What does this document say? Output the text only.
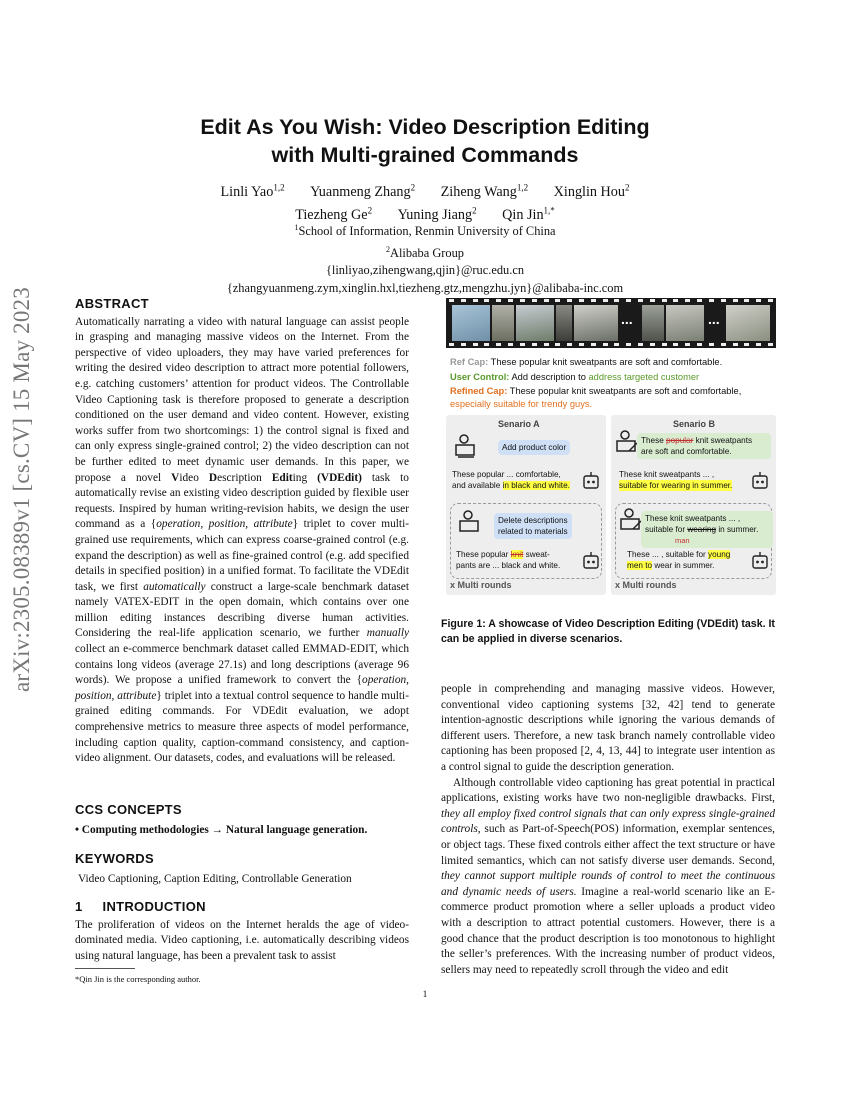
arXiv:2305.08389v1 [cs.CV] 15 May 2023
Edit As You Wish: Video Description Editing
with Multi-grained Commands
Linli Yao$^{1,2}$ Yuanmeng Zhang$^2$ Ziheng Wang$^{1,2}$ Xinglin Hou$^2$
Tiezheng Ge$^2$ Yuning Jiang$^2$ Qin Jin$^{1,*}$
$^1$School of Information, Renmin University of China
$^2$Alibaba Group
{linliyao,zihengwang,qjin}@ruc.edu.cn
{zhangyuanmeng.zym,xinglin.hxl,tiezheng.gtz,mengzhu.jyn}@alibaba-inc.com
ABSTRACT

Automatically narrating a video with natural language can assist people in grasping and managing massive videos on the Internet. From the perspective of video uploaders, they may have varied preferences for writing the desired video description to attract more potential followers, e.g. catching customers’ attention for product videos. The Controllable Video Captioning task is therefore proposed to generate a description conditioned on the user demand and video content. However, existing works suffer from two shortcomings: 1) the control signal is fixed and can only express single-grained control; 2) the video description can not be further edited to meet dynamic user demands. In this paper, we propose a novel Video Description Editing (VDEdit) task to automatically revise an existing video description guided by flexible user requests. Inspired by human writing-revision habits, we design the user command as a {operation, position, attribute} triplet to cover multi-grained use requirements, which can express coarse-grained control (e.g. expand the description) as well as fine-grained control (e.g. add specified details in specified position) in a unified format. To facilitate the VDEdit task, we first automatically construct a large-scale benchmark dataset namely VATEX-EDIT in the open domain, which contains over one million editing instances describing diverse human activities. Considering the real-life application scenario, we further manually collect an e-commerce benchmark dataset called EMMAD-EDIT, which contains long videos (average 27.1s) and long descriptions (average 96 words). We propose a unified framework to convert the {operation, position, attribute} triplet into a textual control sequence to handle multi-grained editing commands. For VDEdit evaluation, we adopt comprehensive metrics to measure three aspects of model performance, including caption quality, caption-command consistency, and caption-video alignment. Our datasets, codes, and evaluations will be released.

CCS CONCEPTS

• Computing methodologies → Natural language generation.

KEYWORDS

Video Captioning, Caption Editing, Controllable Generation

1 INTRODUCTION

The proliferation of videos on the Internet heralds the age of video-dominated media. Video captioning, i.e. automatically describing videos using natural language, has been a prevalent task to assist

*Qin Jin is the corresponding author.
1
...	...
Ref Cap: These popular knit sweatpants are soft and comfortable.
User Control: Add description to address targeted customer
Refined Cap: These popular knit sweatpants are soft and comfortable,
especially suitable for trendy guys.
Senario A
Add product color
These popular ... comfortable,
and available in black and white.
Delete descriptions
related to materials
These popular knit sweat-
pants are ... black and white.
x Multi rounds
Senario B
These popular knit sweatpants
are soft and comfortable.
These knit sweatpants ... ,
suitable for wearing in summer.
These knit sweatpants ... ,
suitable for wearing in summer.
man
These ... , suitable for young
men to wear in summer.
x Multi rounds
Figure 1: A showcase of Video Description Editing (VDEdit) task. It can be applied in diverse scenarios.

people in comprehending and managing massive videos. However, conventional video captioning systems [32, 42] tend to generate intention-agnostic descriptions while ignoring the various demands of different users. Therefore, a new task branch namely controllable video captioning has been proposed [2, 4, 13, 44] to integrate user intention as a control signal to guide the description generation.

Although controllable video captioning has great potential in practical applications, existing works have two non-negligible drawbacks. First, they all employ fixed control signals that can only express single-grained controls, such as Part-of-Speech(POS) information, exemplar sentences, or object tags. These fixed controls either affect the text structure or have limited semantics, which can not satisfy diverse user demands. Second, they cannot support multiple rounds of control to meet the continuous and dynamic needs of users. Imagine a real-world scenario like an E-commerce product promotion where a seller uploads a product video with a description to attract potential customers. However, there is a good chance that the product description is too monotonous to highlight the seller’s preferences. With the increasing number of product videos, sellers may need to repeatedly scroll through the video and edit
